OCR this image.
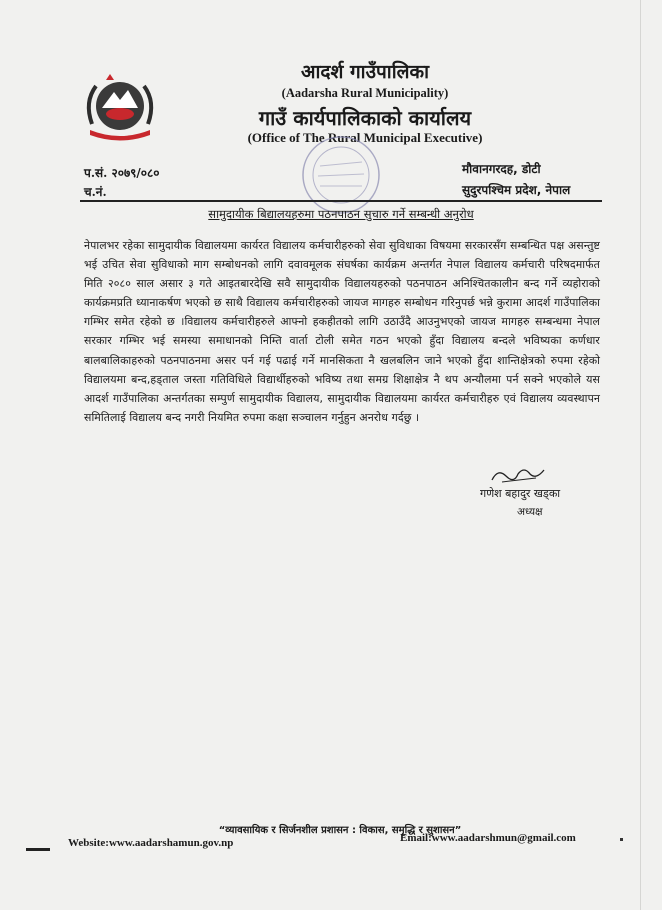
आदर्श गाउँपालिका
(Aadarsha Rural Municipality)
गाउँ कार्यपालिकाको कार्यालय
(Office of The Rural Municipal Executive)
प.सं. २०७९/०८०
च.नं.
मौवानगरदह, डोटी
सुदुरपश्चिम प्रदेश, नेपाल
सामुदायीक बिद्यालयहरुमा पठनपाठन सुचारु गर्ने सम्बन्धी अनुरोध
नेपालभर रहेका सामुदायीक विद्यालयमा कार्यरत विद्यालय कर्मचारीहरुको सेवा सुविधाका विषयमा सरकारसँग सम्बन्धित पक्ष असन्तुष्ट भई उचित सेवा सुविधाको माग सम्बोधनको लागि दवावमूलक संघर्षका कार्यक्रम अन्तर्गत नेपाल विद्यालय कर्मचारी परिषदमार्फत मिति २०८० साल असार ३ गते आइतबारदेखि सवै सामुदायीक विद्यालयहरुको पठनपाठन अनिश्चितकालीन बन्द गर्ने व्यहोराको कार्यक्रमप्रति ध्यानाकर्षण भएको छ साथै विद्यालय कर्मचारीहरुको जायज मागहरु सम्बोधन गरिनुपर्छ भन्ने कुरामा आदर्श गाउँपालिका गम्भिर समेत रहेको छ ।विद्यालय कर्मचारीहरुले आफ्नो हकहीतको लागि उठाउँदै आउनुभएको जायज मागहरु सम्बन्धमा नेपाल सरकार गम्भिर भई समस्या समाधानको निम्ति वार्ता टोली समेत गठन भएको हुँदा विद्यालय बन्दले भविष्यका कर्णधार बालबालिकाहरुको पठनपाठनमा असर पर्न गई पढाई गर्ने मानसिकता नै खलबलिन जाने भएको हुँदा शान्तिक्षेत्रको रुपमा रहेको विद्यालयमा बन्द,हड्ताल जस्ता गतिविधिले विद्यार्थीहरुको भविष्य तथा समग्र शिक्षाक्षेत्र नै थप अन्यौलमा पर्न सक्ने भएकोले यस आदर्श गाउँपालिका अन्तर्गतका सम्पुर्ण सामुदायीक विद्यालय, सामुदायीक विद्यालयमा कार्यरत कर्मचारीहरु एवं विद्यालय व्यवस्थापन समितिलाई विद्यालय बन्द नगरी नियमित रुपमा कक्षा सञ्चालन गर्नुहुन अनरोध गर्दछु ।
गणेश बहादुर खड्का
अध्यक्ष
“व्यावसायिक र सिर्जनशील प्रशासन : विकास, समृद्धि र सुशासन”
Website:www.aadarshamun.gov.np	Email:www.aadarshmun@gmail.com
